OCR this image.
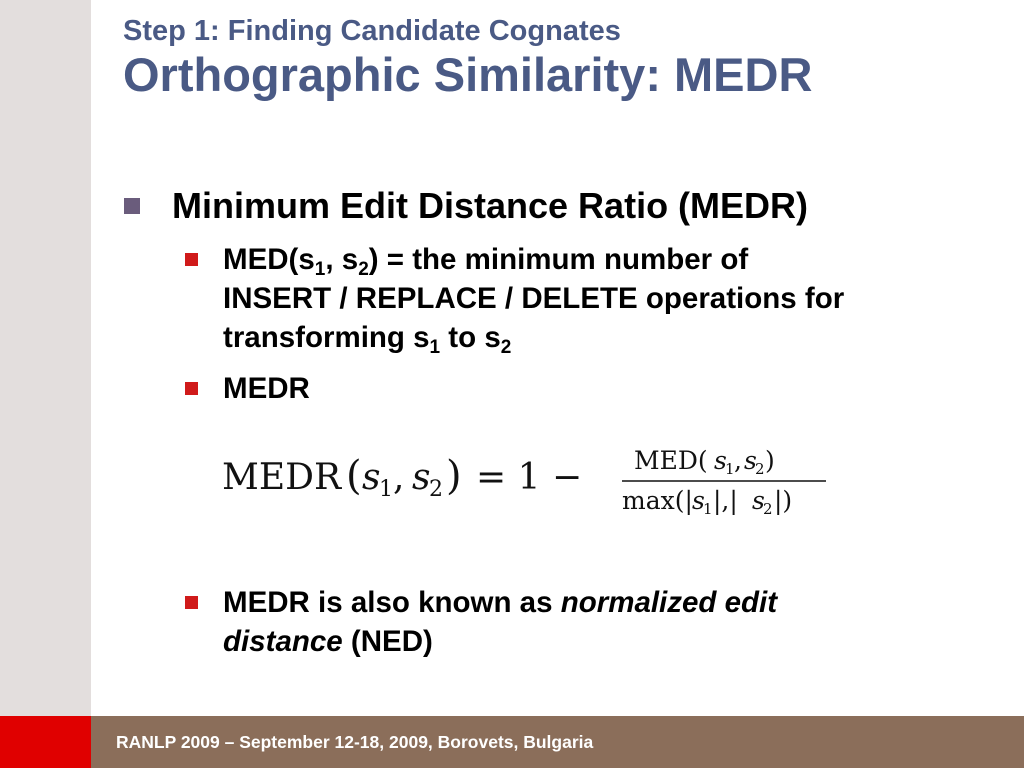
Step 1: Finding Candidate Cognates
Orthographic Similarity: MEDR
Minimum Edit Distance Ratio (MEDR)
$MED(s_1$, $s_2$) = the minimum number of
INSERT / REPLACE / DELETE operations for
transforming $s_1$ to $s_2$
MEDR
MEDR ( s
1 , s
2 ) = 1 − MED( s
1 , s
2 )
max(| s
1 |,| s
2 |)
MEDR is also known as normalized edit
distance (NED)
RANLP 2009 – September 12-18, 2009, Borovets, Bulgaria
